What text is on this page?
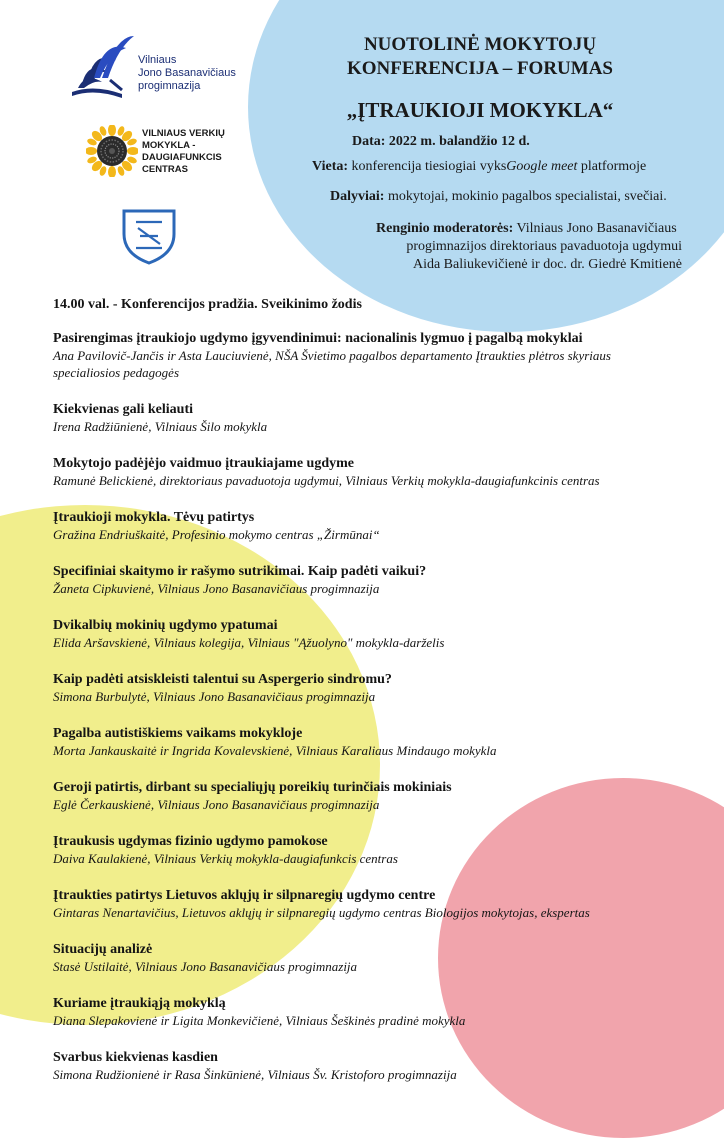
Vilniaus
Jono Basanavičiaus
progimnazija
VILNIAUS VERKIŲ
MOKYKLA -
DAUGIAFUNKCIS
CENTRAS
NUOTOLINĖ MOKYTOJŲ
KONFERENCIJA – FORUMAS
„ĮTRAUKIOJI MOKYKLA“
Data: 2022 m. balandžio 12 d.
Vieta: konferencija tiesiogiai vyksGoogle meet platformoje
Dalyviai: mokytojai, mokinio pagalbos specialistai, svečiai.
Renginio moderatorės: Vilniaus Jono Basanavičiaus
progimnazijos direktoriaus pavaduotoja ugdymui
Aida Baliukevičienė ir doc. dr. Giedrė Kmitienė
14.00 val. - Konferencijos pradžia. Sveikinimo žodis
Pasirengimas įtraukiojo ugdymo įgyvendinimui: nacionalinis lygmuo į pagalbą mokyklai
Ana Pavilovič-Jančis ir Asta Lauciuvienė, NŠA Švietimo pagalbos departamento Įtraukties plėtros skyriaus
specialiosios pedagogės
Kiekvienas gali keliauti
Irena Radžiūnienė, Vilniaus Šilo mokykla
Mokytojo padėjėjo vaidmuo įtraukiajame ugdyme
Ramunė Belickienė, direktoriaus pavaduotoja ugdymui, Vilniaus Verkių mokykla-daugiafunkcinis centras
Įtraukioji mokykla. Tėvų patirtys
Gražina Endriuškaitė, Profesinio mokymo centras „Žirmūnai“
Specifiniai skaitymo ir rašymo sutrikimai. Kaip padėti vaikui?
Žaneta Cipkuvienė, Vilniaus Jono Basanavičiaus progimnazija
Dvikalbių mokinių ugdymo ypatumai
Elida Aršavskienė, Vilniaus kolegija, Vilniaus "Ąžuolyno" mokykla-darželis
Kaip padėti atsiskleisti talentui su Aspergerio sindromu?
Simona Burbulytė, Vilniaus Jono Basanavičiaus progimnazija
Pagalba autistiškiems vaikams mokykloje
Morta Jankauskaitė ir Ingrida Kovalevskienė, Vilniaus Karaliaus Mindaugo mokykla
Geroji patirtis, dirbant su specialiųjų poreikių turinčiais mokiniais
Eglė Čerkauskienė, Vilniaus Jono Basanavičiaus progimnazija
Įtraukusis ugdymas fizinio ugdymo pamokose
Daiva Kaulakienė, Vilniaus Verkių mokykla-daugiafunkcis centras
Įtraukties patirtys Lietuvos aklųjų ir silpnaregių ugdymo centre
Gintaras Nenartavičius, Lietuvos aklųjų ir silpnaregių ugdymo centras Biologijos mokytojas, ekspertas
Situacijų analizė
Stasė Ustilaitė, Vilniaus Jono Basanavičiaus progimnazija
Kuriame įtraukiąją mokyklą
Diana Slepakovienė ir Ligita Monkevičienė, Vilniaus Šeškinės pradinė mokykla
Svarbus kiekvienas kasdien
Simona Rudžionienė ir Rasa Šinkūnienė, Vilniaus Šv. Kristoforo progimnazija
